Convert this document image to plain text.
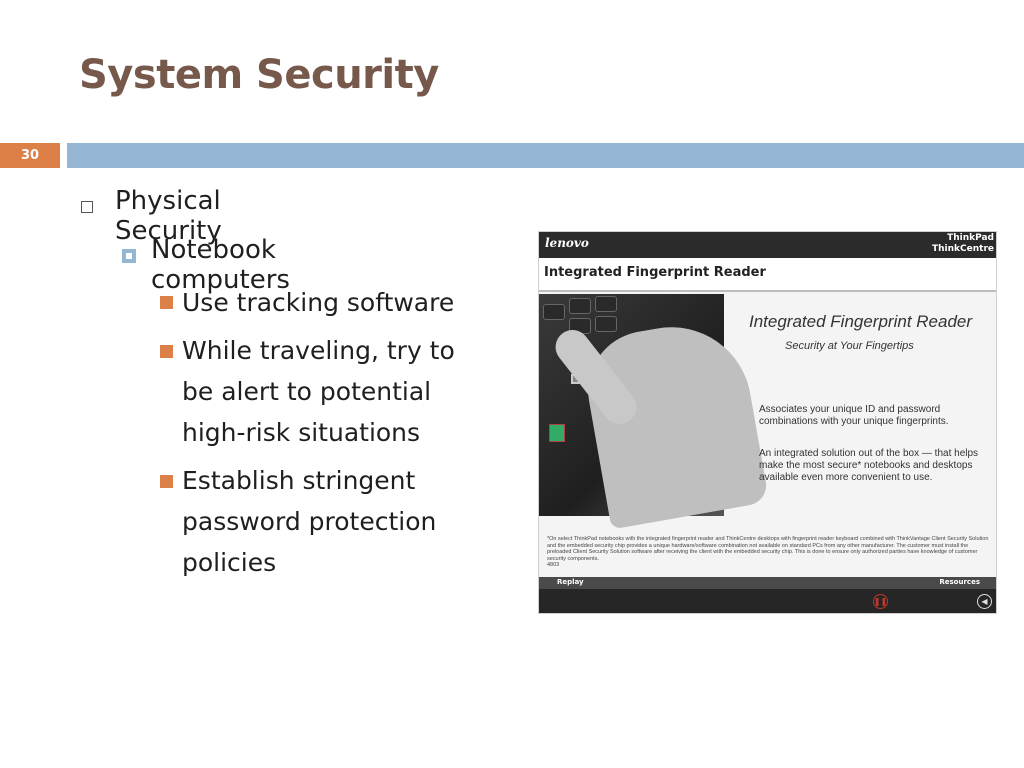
System Security
30
Physical Security
Notebook computers
Use tracking software
While traveling, try to be alert to potential high-risk situations
Establish stringent password protection policies
lenovo	ThinkPad
ThinkCentre
Integrated Fingerprint Reader
Integrated Fingerprint Reader
Security at Your Fingertips
Associates your unique ID and password combinations with your unique fingerprints.
An integrated solution out of the box — that helps make the most secure* notebooks and desktops available even more convenient to use.
*On select ThinkPad notebooks with the integrated fingerprint reader and ThinkCentre desktops with fingerprint reader keyboard combined with ThinkVantage Client Security Solution and the embedded security chip provides a unique hardware/software combination not available on standard PCs from any other manufacturer. The customer must install the preloaded Client Security Solution software after receiving the client with the embedded security chip. This is done to ensure only authorized parties have knowledge of customer security components.
4803
Replay	Resources
❚❚	◀
